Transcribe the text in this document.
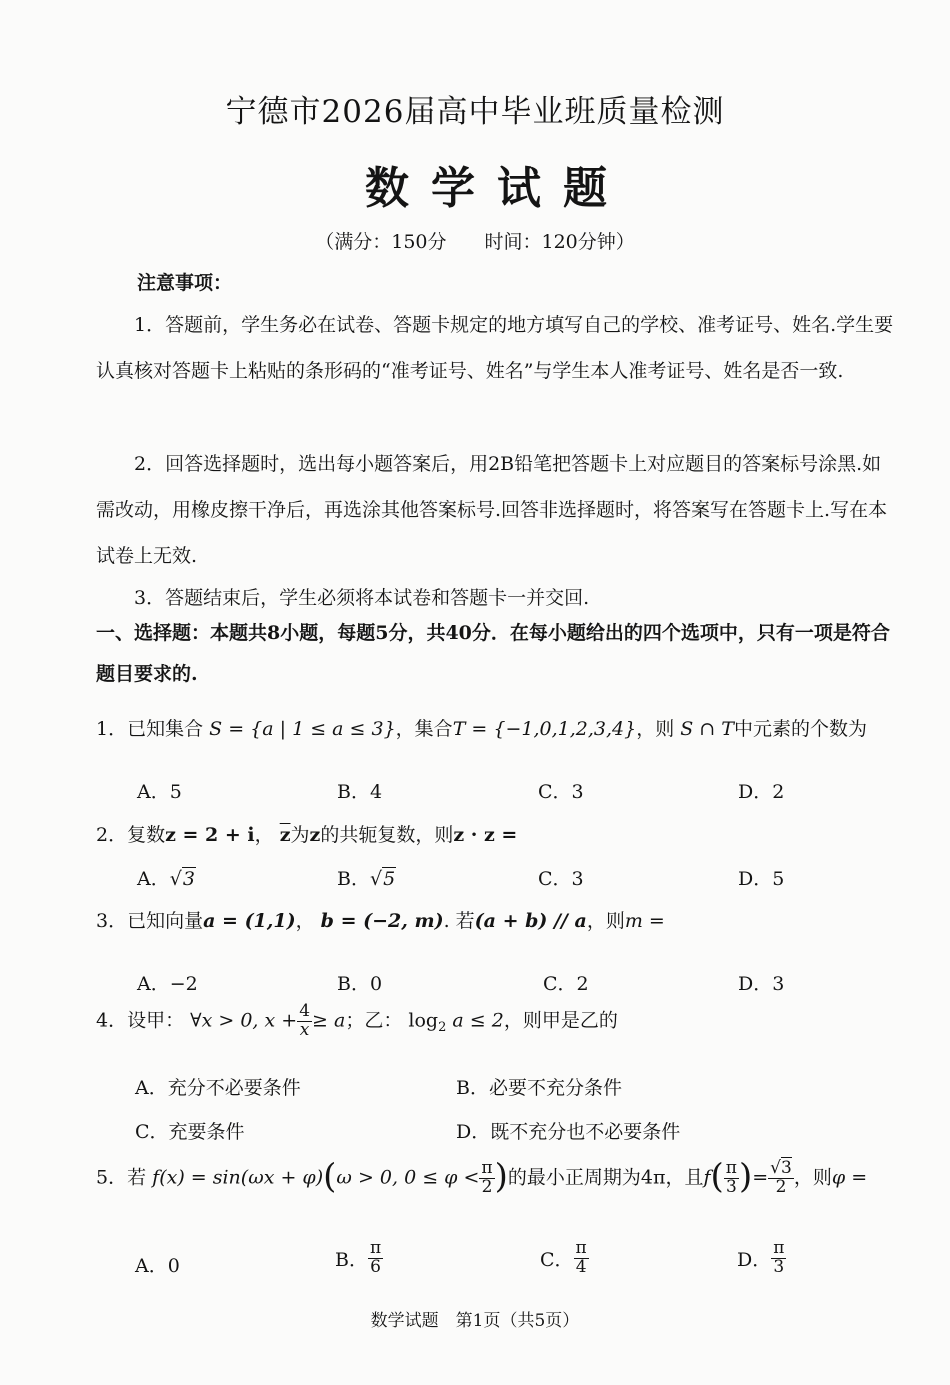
宁德市2026届高中毕业班质量检测
数学试题
（满分：150分　　时间：120分钟）
注意事项：
1．答题前，学生务必在试卷、答题卡规定的地方填写自己的学校、准考证号、姓名.学生要认真核对答题卡上粘贴的条形码的“准考证号、姓名”与学生本人准考证号、姓名是否一致.
2．回答选择题时，选出每小题答案后，用2B铅笔把答题卡上对应题目的答案标号涂黑.如需改动，用橡皮擦干净后，再选涂其他答案标号.回答非选择题时，将答案写在答题卡上.写在本试卷上无效.
3．答题结束后，学生必须将本试卷和答题卡一并交回.
一、选择题：本题共8小题，每题5分，共40分．在每小题给出的四个选项中，只有一项是符合题目要求的.
1．已知集合 S = {a | 1 ≤ a ≤ 3}，集合T = {−1,0,1,2,3,4}，则 S ∩ T中元素的个数为
A．5	B．4	C．3	D．2
2．复数z = 2 + i， $\overline{z}$为z的共轭复数，则z · z =
A．√3	B．√5	C．3	D．5
3．已知向量a = (1,1)， b = (−2, m). 若(a + b) // a，则m =
A．−2	B．0	C．2	D．3
4．设甲： ∀x > 0, $x + \frac{4}{x} \ge a$；乙： $\log_2 a \le 2$，则甲是乙的
A．充分不必要条件	B．必要不充分条件
C．充要条件	D．既不充分也不必要条件
5．若 f(x) = sin(ωx + φ)(ω > 0, $0 \le \varphi < \frac{\pi}{2}$ )的最小正周期为4π，且$f( \frac{\pi}{3}$ )= $\frac{√3}{2}$ ，则φ =
A．0	B． $\frac{\pi}{6}$	C． $\frac{\pi}{4}$	D． $\frac{\pi}{3}$
数学试题　第1页（共5页）
